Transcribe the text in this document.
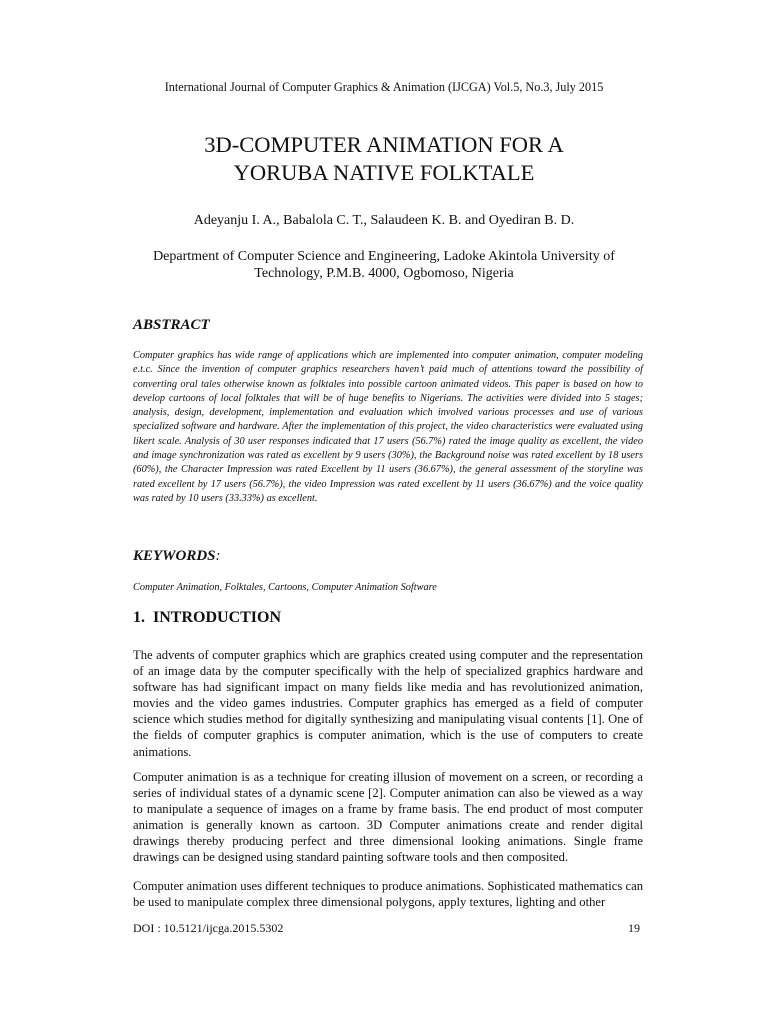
International Journal of Computer Graphics & Animation (IJCGA) Vol.5, No.3, July 2015
3D-COMPUTER ANIMATION FOR A
YORUBA NATIVE FOLKTALE
Adeyanju I. A., Babalola C. T., Salaudeen K. B. and Oyediran B. D.
Department of Computer Science and Engineering, Ladoke Akintola University of
Technology, P.M.B. 4000, Ogbomoso, Nigeria
ABSTRACT

Computer graphics has wide range of applications which are implemented into computer animation, computer modeling e.t.c. Since the invention of computer graphics researchers haven’t paid much of attentions toward the possibility of converting oral tales otherwise known as folktales into possible cartoon animated videos. This paper is based on how to develop cartoons of local folktales that will be of huge benefits to Nigerians. The activities were divided into 5 stages; analysis, design, development, implementation and evaluation which involved various processes and use of various specialized software and hardware. After the implementation of this project, the video characteristics were evaluated using likert scale. Analysis of 30 user responses indicated that 17 users (56.7%) rated the image quality as excellent, the video and image synchronization was rated as excellent by 9 users (30%), the Background noise was rated excellent by 18 users (60%), the Character Impression was rated Excellent by 11 users (36.67%), the general assessment of the storyline was rated excellent by 17 users (56.7%), the video Impression was rated excellent by 11 users (36.67%) and the voice quality was rated by 10 users (33.33%) as excellent.

KEYWORDS:

Computer Animation, Folktales, Cartoons, Computer Animation Software

1. INTRODUCTION

The advents of computer graphics which are graphics created using computer and the representation of an image data by the computer specifically with the help of specialized graphics hardware and software has had significant impact on many fields like media and has revolutionized animation, movies and the video games industries. Computer graphics has emerged as a field of computer science which studies method for digitally synthesizing and manipulating visual contents [1]. One of the fields of computer graphics is computer animation, which is the use of computers to create animations.

Computer animation is as a technique for creating illusion of movement on a screen, or recording a series of individual states of a dynamic scene [2]. Computer animation can also be viewed as a way to manipulate a sequence of images on a frame by frame basis. The end product of most computer animation is generally known as cartoon. 3D Computer animations create and render digital drawings thereby producing perfect and three dimensional looking animations. Single frame drawings can be designed using standard painting software tools and then composited.

Computer animation uses different techniques to produce animations. Sophisticated mathematics can be used to manipulate complex three dimensional polygons, apply textures, lighting and other

DOI : 10.5121/ijcga.2015.5302	19
